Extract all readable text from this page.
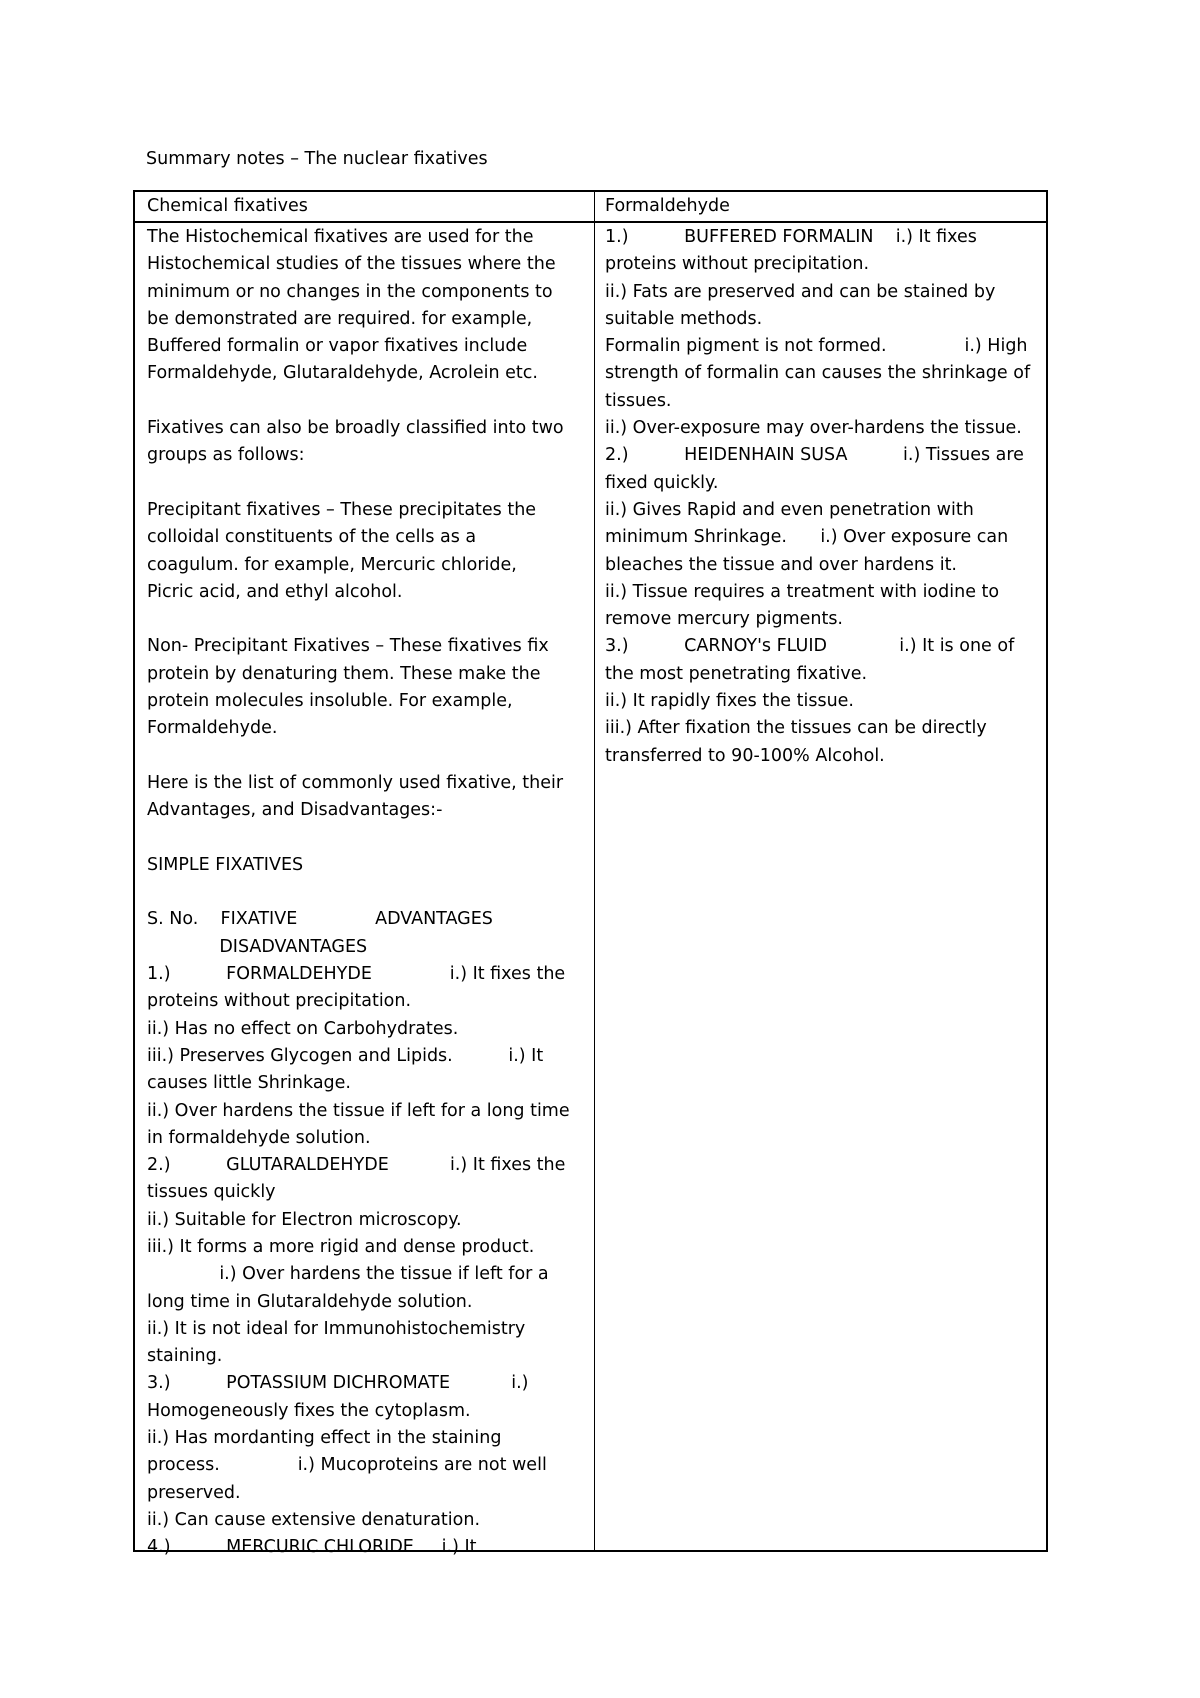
Summary notes – The nuclear fixatives
Chemical fixatives	Formaldehyde
The Histochemical fixatives are used for the
Histochemical studies of the tissues where the
minimum or no changes in the components to
be demonstrated are required. for example,
Buffered formalin or vapor fixatives include
Formaldehyde, Glutaraldehyde, Acrolein etc.
Fixatives can also be broadly classified into two
groups as follows:
Precipitant fixatives – These precipitates the
colloidal constituents of the cells as a
coagulum. for example, Mercuric chloride,
Picric acid, and ethyl alcohol.
Non- Precipitant Fixatives – These fixatives fix
protein by denaturing them. These make the
protein molecules insoluble. For example,
Formaldehyde.
Here is the list of commonly used fixative, their
Advantages, and Disadvantages:-
SIMPLE FIXATIVES
S. No.    FIXATIVE              ADVANTAGES
DISADVANTAGES
1.)          FORMALDEHYDE              i.) It fixes the
proteins without precipitation.
ii.) Has no effect on Carbohydrates.
iii.) Preserves Glycogen and Lipids.          i.) It
causes little Shrinkage.
ii.) Over hardens the tissue if left for a long time
in formaldehyde solution.
2.)          GLUTARALDEHYDE           i.) It fixes the
tissues quickly
ii.) Suitable for Electron microscopy.
iii.) It forms a more rigid and dense product.
i.) Over hardens the tissue if left for a
long time in Glutaraldehyde solution.
ii.) It is not ideal for Immunohistochemistry
staining.
3.)          POTASSIUM DICHROMATE           i.)
Homogeneously fixes the cytoplasm.
ii.) Has mordanting effect in the staining
process.              i.) Mucoproteins are not well
preserved.
ii.) Can cause extensive denaturation.
4.)          MERCURIC CHLORIDE     i.) It
1.)          BUFFERED FORMALIN    i.) It fixes
proteins without precipitation.
ii.) Fats are preserved and can be stained by
suitable methods.
Formalin pigment is not formed.              i.) High
strength of formalin can causes the shrinkage of
tissues.
ii.) Over-exposure may over-hardens the tissue.
2.)          HEIDENHAIN SUSA          i.) Tissues are
fixed quickly.
ii.) Gives Rapid and even penetration with
minimum Shrinkage.      i.) Over exposure can
bleaches the tissue and over hardens it.
ii.) Tissue requires a treatment with iodine to
remove mercury pigments.
3.)          CARNOY's FLUID             i.) It is one of
the most penetrating fixative.
ii.) It rapidly fixes the tissue.
iii.) After fixation the tissues can be directly
transferred to 90-100% Alcohol.
